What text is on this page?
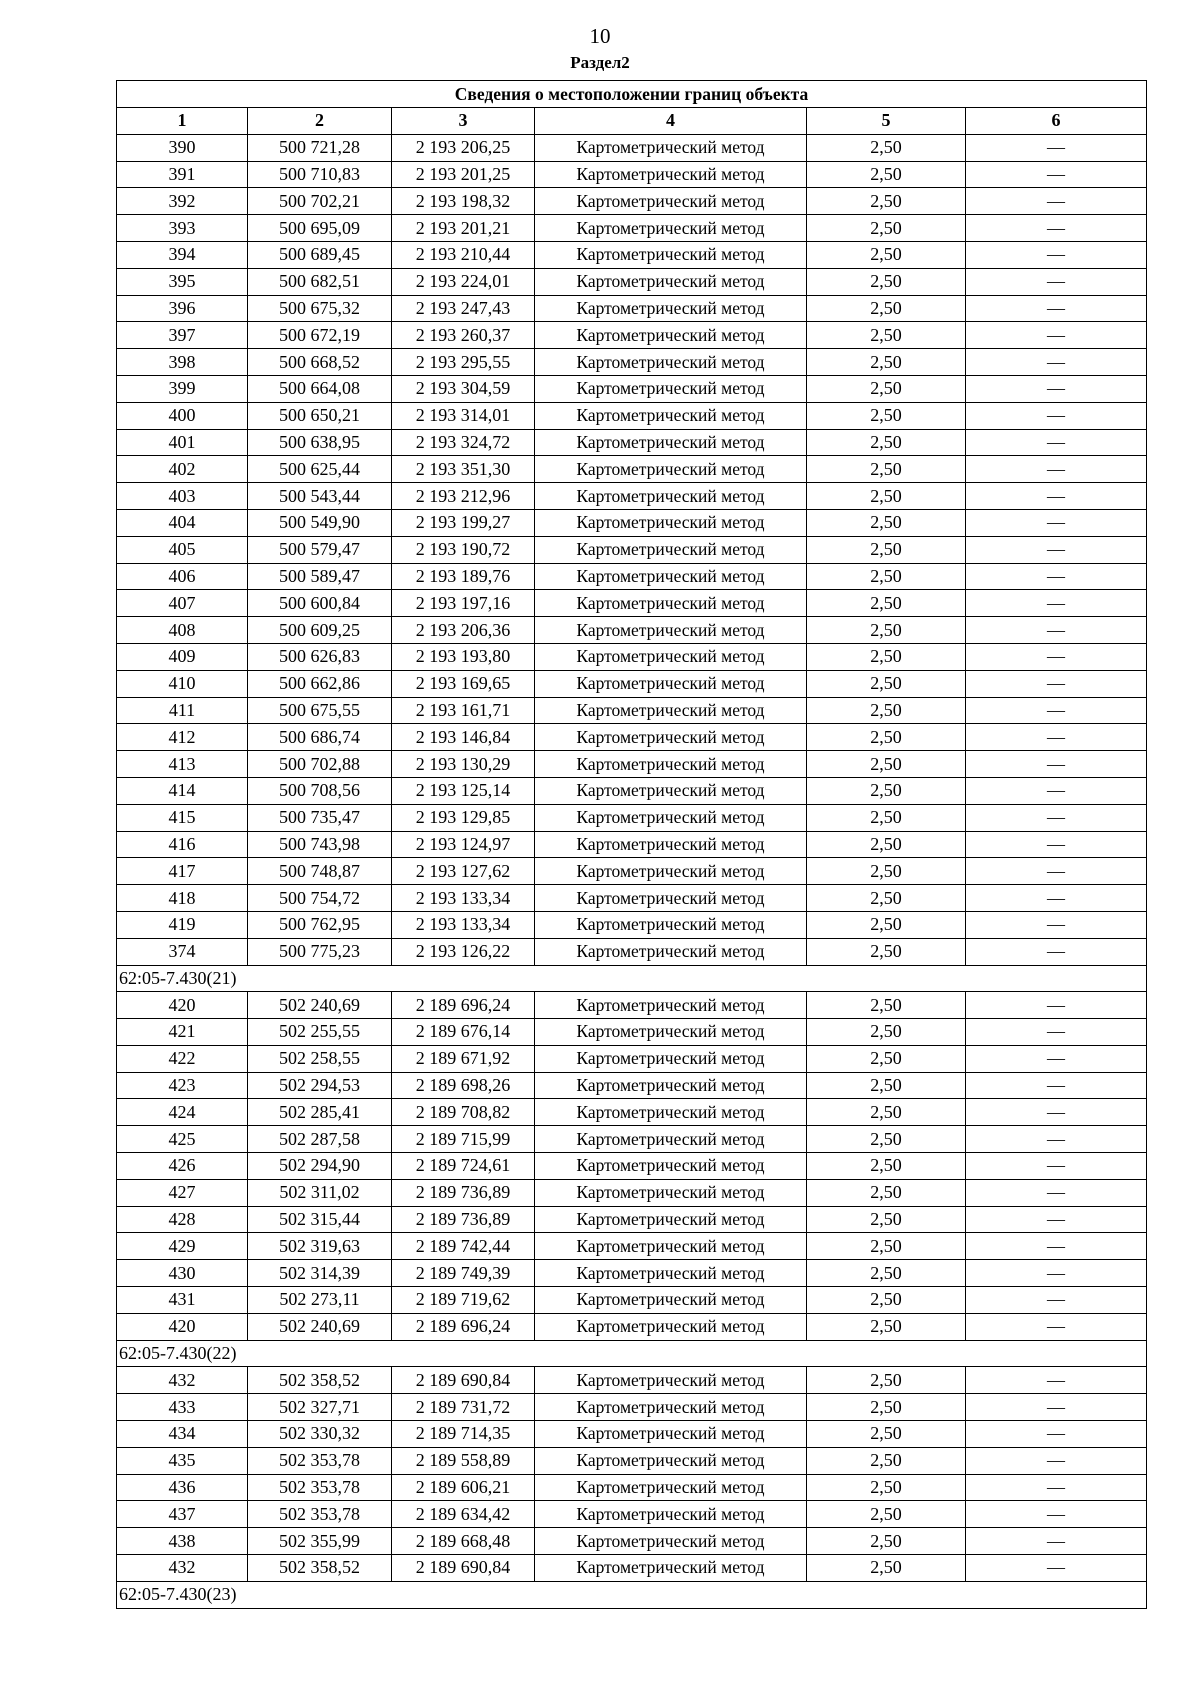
10
Раздел2
Сведения о местоположении границ объекта					
1	2	3	4	5	6
390	500 721,28	2 193 206,25	Картометрический метод	2,50	—
391	500 710,83	2 193 201,25	Картометрический метод	2,50	—
392	500 702,21	2 193 198,32	Картометрический метод	2,50	—
393	500 695,09	2 193 201,21	Картометрический метод	2,50	—
394	500 689,45	2 193 210,44	Картометрический метод	2,50	—
395	500 682,51	2 193 224,01	Картометрический метод	2,50	—
396	500 675,32	2 193 247,43	Картометрический метод	2,50	—
397	500 672,19	2 193 260,37	Картометрический метод	2,50	—
398	500 668,52	2 193 295,55	Картометрический метод	2,50	—
399	500 664,08	2 193 304,59	Картометрический метод	2,50	—
400	500 650,21	2 193 314,01	Картометрический метод	2,50	—
401	500 638,95	2 193 324,72	Картометрический метод	2,50	—
402	500 625,44	2 193 351,30	Картометрический метод	2,50	—
403	500 543,44	2 193 212,96	Картометрический метод	2,50	—
404	500 549,90	2 193 199,27	Картометрический метод	2,50	—
405	500 579,47	2 193 190,72	Картометрический метод	2,50	—
406	500 589,47	2 193 189,76	Картометрический метод	2,50	—
407	500 600,84	2 193 197,16	Картометрический метод	2,50	—
408	500 609,25	2 193 206,36	Картометрический метод	2,50	—
409	500 626,83	2 193 193,80	Картометрический метод	2,50	—
410	500 662,86	2 193 169,65	Картометрический метод	2,50	—
411	500 675,55	2 193 161,71	Картометрический метод	2,50	—
412	500 686,74	2 193 146,84	Картометрический метод	2,50	—
413	500 702,88	2 193 130,29	Картометрический метод	2,50	—
414	500 708,56	2 193 125,14	Картометрический метод	2,50	—
415	500 735,47	2 193 129,85	Картометрический метод	2,50	—
416	500 743,98	2 193 124,97	Картометрический метод	2,50	—
417	500 748,87	2 193 127,62	Картометрический метод	2,50	—
418	500 754,72	2 193 133,34	Картометрический метод	2,50	—
419	500 762,95	2 193 133,34	Картометрический метод	2,50	—
374	500 775,23	2 193 126,22	Картометрический метод	2,50	—
62:05-7.430(21)					
420	502 240,69	2 189 696,24	Картометрический метод	2,50	—
421	502 255,55	2 189 676,14	Картометрический метод	2,50	—
422	502 258,55	2 189 671,92	Картометрический метод	2,50	—
423	502 294,53	2 189 698,26	Картометрический метод	2,50	—
424	502 285,41	2 189 708,82	Картометрический метод	2,50	—
425	502 287,58	2 189 715,99	Картометрический метод	2,50	—
426	502 294,90	2 189 724,61	Картометрический метод	2,50	—
427	502 311,02	2 189 736,89	Картометрический метод	2,50	—
428	502 315,44	2 189 736,89	Картометрический метод	2,50	—
429	502 319,63	2 189 742,44	Картометрический метод	2,50	—
430	502 314,39	2 189 749,39	Картометрический метод	2,50	—
431	502 273,11	2 189 719,62	Картометрический метод	2,50	—
420	502 240,69	2 189 696,24	Картометрический метод	2,50	—
62:05-7.430(22)					
432	502 358,52	2 189 690,84	Картометрический метод	2,50	—
433	502 327,71	2 189 731,72	Картометрический метод	2,50	—
434	502 330,32	2 189 714,35	Картометрический метод	2,50	—
435	502 353,78	2 189 558,89	Картометрический метод	2,50	—
436	502 353,78	2 189 606,21	Картометрический метод	2,50	—
437	502 353,78	2 189 634,42	Картометрический метод	2,50	—
438	502 355,99	2 189 668,48	Картометрический метод	2,50	—
432	502 358,52	2 189 690,84	Картометрический метод	2,50	—
62:05-7.430(23)					
